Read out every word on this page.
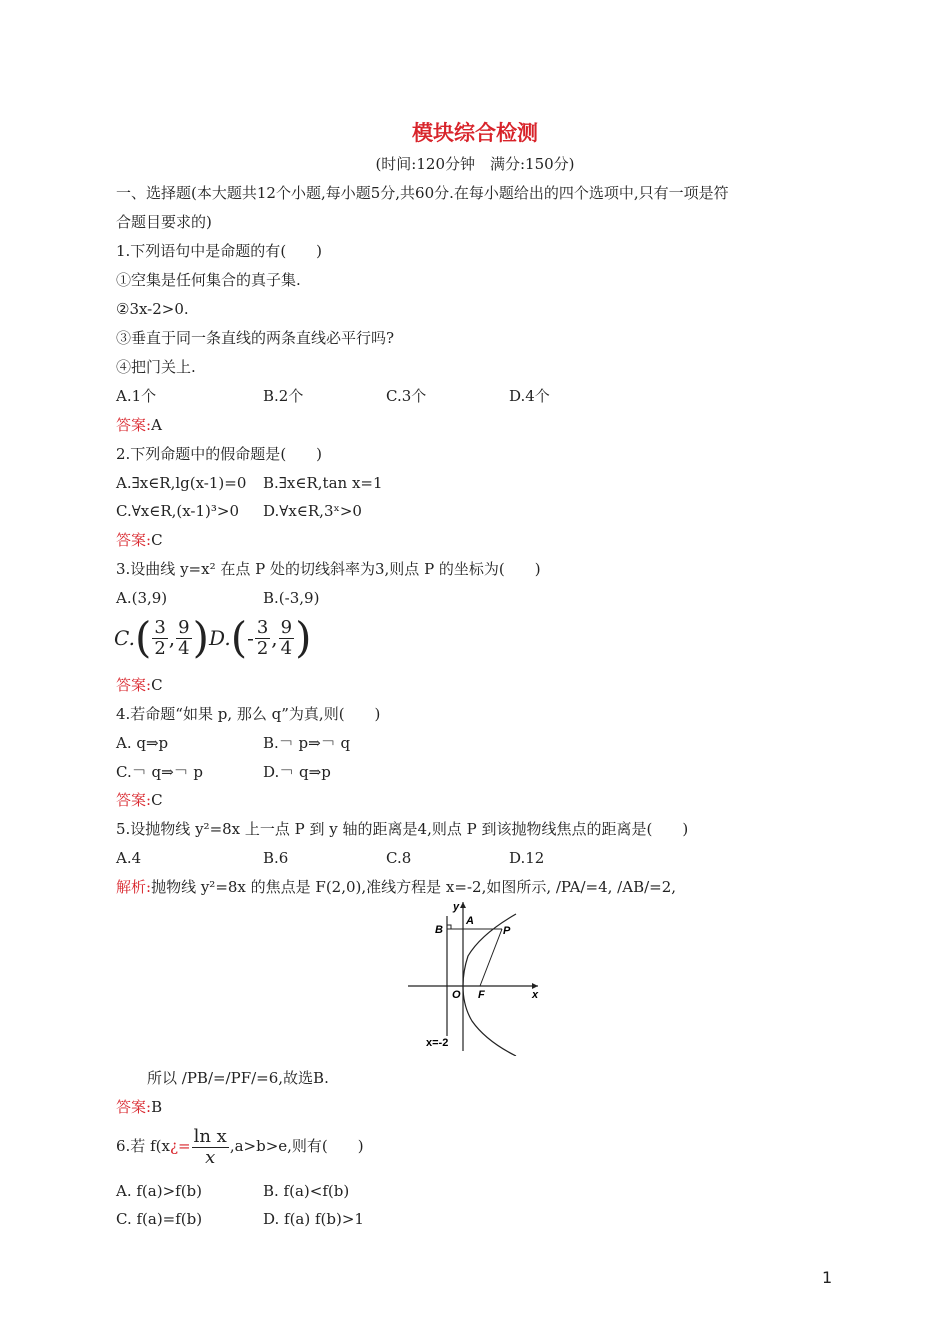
模块综合检测
(时间:120分钟　满分:150分)
一、选择题(本大题共12个小题,每小题5分,共60分.在每小题给出的四个选项中,只有一项是符
合题目要求的)
1.下列语句中是命题的有(　　)
①空集是任何集合的真子集.
②3x-2>0.
③垂直于同一条直线的两条直线必平行吗?
④把门关上.
A.1个	B.2个	C.3个	D.4个
答案:A
2.下列命题中的假命题是(　　)
A.∃x∈R,lg(x-1)=0 B.∃x∈R,tan x=1
C.∀x∈R,(x-1)³>0 D.∀x∈R,3ˣ>0
答案:C
3.设曲线 y=x² 在点 P 处的切线斜率为3,则点 P 的坐标为(　　)
A.(3,9)	B.(-3,9)
$C.( \frac{3}{2}$ , $\frac{9}{4} )D.(- \frac{3}{2}$ , $\frac{9}{4}$ )
答案:C
4.若命题“如果 p, 那么 q”为真,则(　　)
A. q⇒p	B.￢ p⇒￢ q
C.￢ q⇒￢ p	D.￢ q⇒p
答案:C
5.设抛物线 y²=8x 上一点 P 到 y 轴的距离是4,则点 P 到该抛物线焦点的距离是(　　)
A.4	B.6	C.8	D.12
解析:抛物线 y²=8x 的焦点是 F(2,0),准线方程是 x=-2,如图所示, /PA/=4, /AB/=2,
y
A
B	P
O F	x
x=-2
所以 /PB/=/PF/=6,故选B.
答案:B
6.若 f(x¿= $\frac{\text{ln x}}{x} ,a>b>e$,则有(　　)
A. f(a)>f(b)	B. f(a)<f(b)
C. f(a)=f(b)	D. f(a) f(b)>1
1
